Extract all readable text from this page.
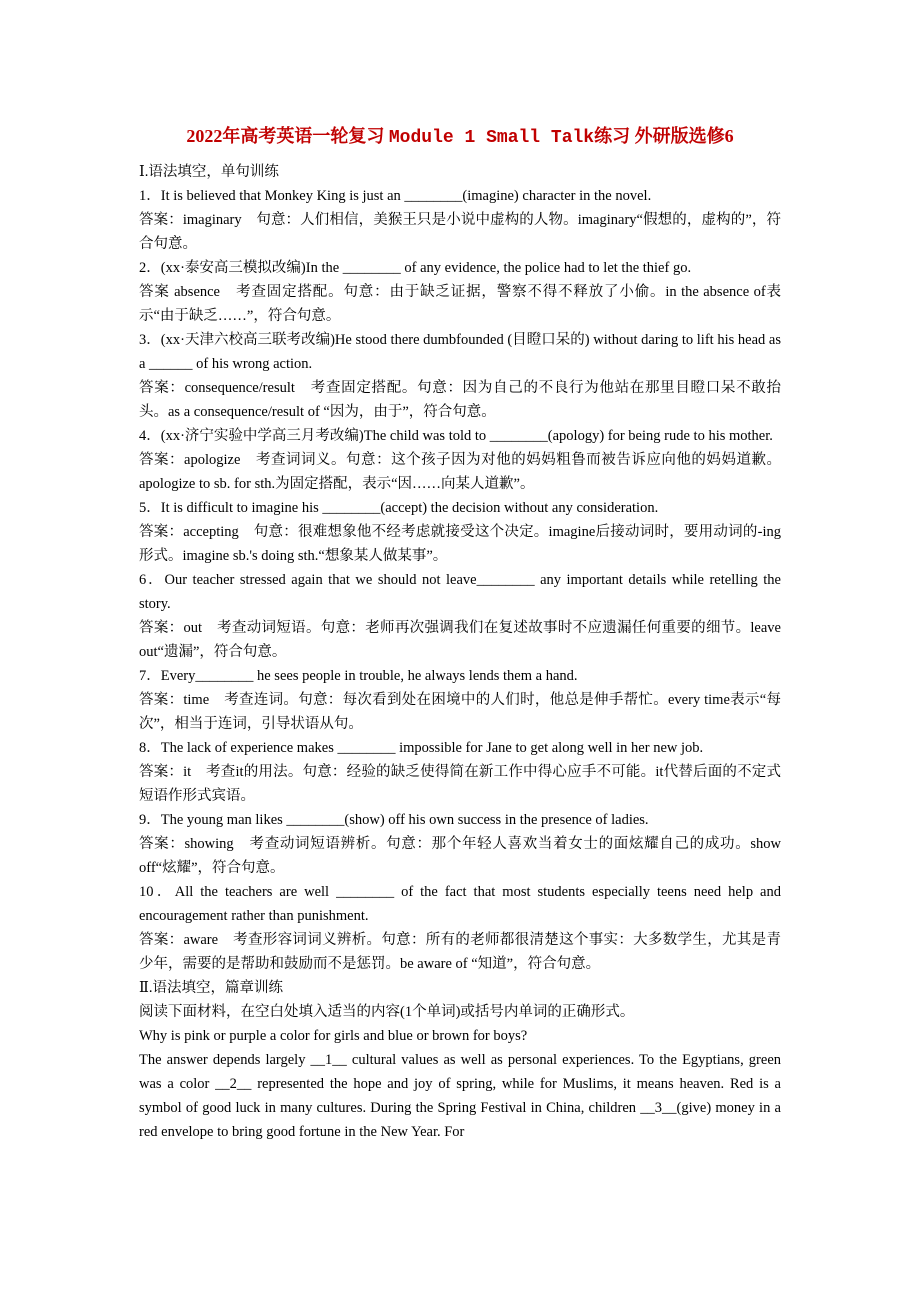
2022年高考英语一轮复习 Module 1 Small Talk练习 外研版选修6

Ⅰ.语法填空，单句训练

1．It is believed that Monkey King is just an ________(imagine) character in the novel.

答案：imaginary　句意：人们相信，美猴王只是小说中虚构的人物。imaginary“假想的，虚构的”，符合句意。

2．(xx·泰安高三模拟改编)In the ________ of any evidence, the police had to let the thief go.

答案 absence　考查固定搭配。句意：由于缺乏证据，警察不得不释放了小偷。in the absence of表示“由于缺乏……”，符合句意。

3．(xx·天津六校高三联考改编)He stood there dumbfounded (目瞪口呆的) without daring to lift his head as a ______ of his wrong action.

答案：consequence/result　考查固定搭配。句意：因为自己的不良行为他站在那里目瞪口呆不敢抬头。as a consequence/result of “因为，由于”，符合句意。

4．(xx·济宁实验中学高三月考改编)The child was told to ________(apology) for being rude to his mother.

答案：apologize　考查词词义。句意：这个孩子因为对他的妈妈粗鲁而被告诉应向他的妈妈道歉。apologize to sb. for sth.为固定搭配，表示“因……向某人道歉”。

5．It is difficult to imagine his ________(accept) the decision without any consideration.

答案：accepting　句意：很难想象他不经考虑就接受这个决定。imagine后接动词时，要用动词的-ing形式。imagine sb.'s doing sth.“想象某人做某事”。

6．Our teacher stressed again that we should not leave________ any important details while retelling the story.

答案：out　考查动词短语。句意：老师再次强调我们在复述故事时不应遗漏任何重要的细节。leave out“遗漏”，符合句意。

7．Every________ he sees people in trouble, he always lends them a hand.

答案：time　考查连词。句意：每次看到处在困境中的人们时，他总是伸手帮忙。every time表示“每次”，相当于连词，引导状语从句。

8．The lack of experience makes ________ impossible for Jane to get along well in her new job.

答案：it　考查it的用法。句意：经验的缺乏使得简在新工作中得心应手不可能。it代替后面的不定式短语作形式宾语。

9．The young man likes ________(show) off his own success in the presence of ladies.

答案：showing　考查动词短语辨析。句意：那个年轻人喜欢当着女士的面炫耀自己的成功。show off“炫耀”，符合句意。

10．All the teachers are well ________ of the fact that most students especially teens need help and encouragement rather than punishment.

答案：aware　考查形容词词义辨析。句意：所有的老师都很清楚这个事实：大多数学生，尤其是青少年，需要的是帮助和鼓励而不是惩罚。be aware of “知道”，符合句意。

Ⅱ.语法填空，篇章训练

阅读下面材料，在空白处填入适当的内容(1个单词)或括号内单词的正确形式。

Why is pink or purple a color for girls and blue or brown for boys?

The answer depends largely __1__ cultural values as well as personal experiences. To the Egyptians, green was a color __2__ represented the hope and joy of spring, while for Muslims, it means heaven. Red is a symbol of good luck in many cultures. During the Spring Festival in China, children __3__(give) money in a red envelope to bring good fortune in the New Year. For
